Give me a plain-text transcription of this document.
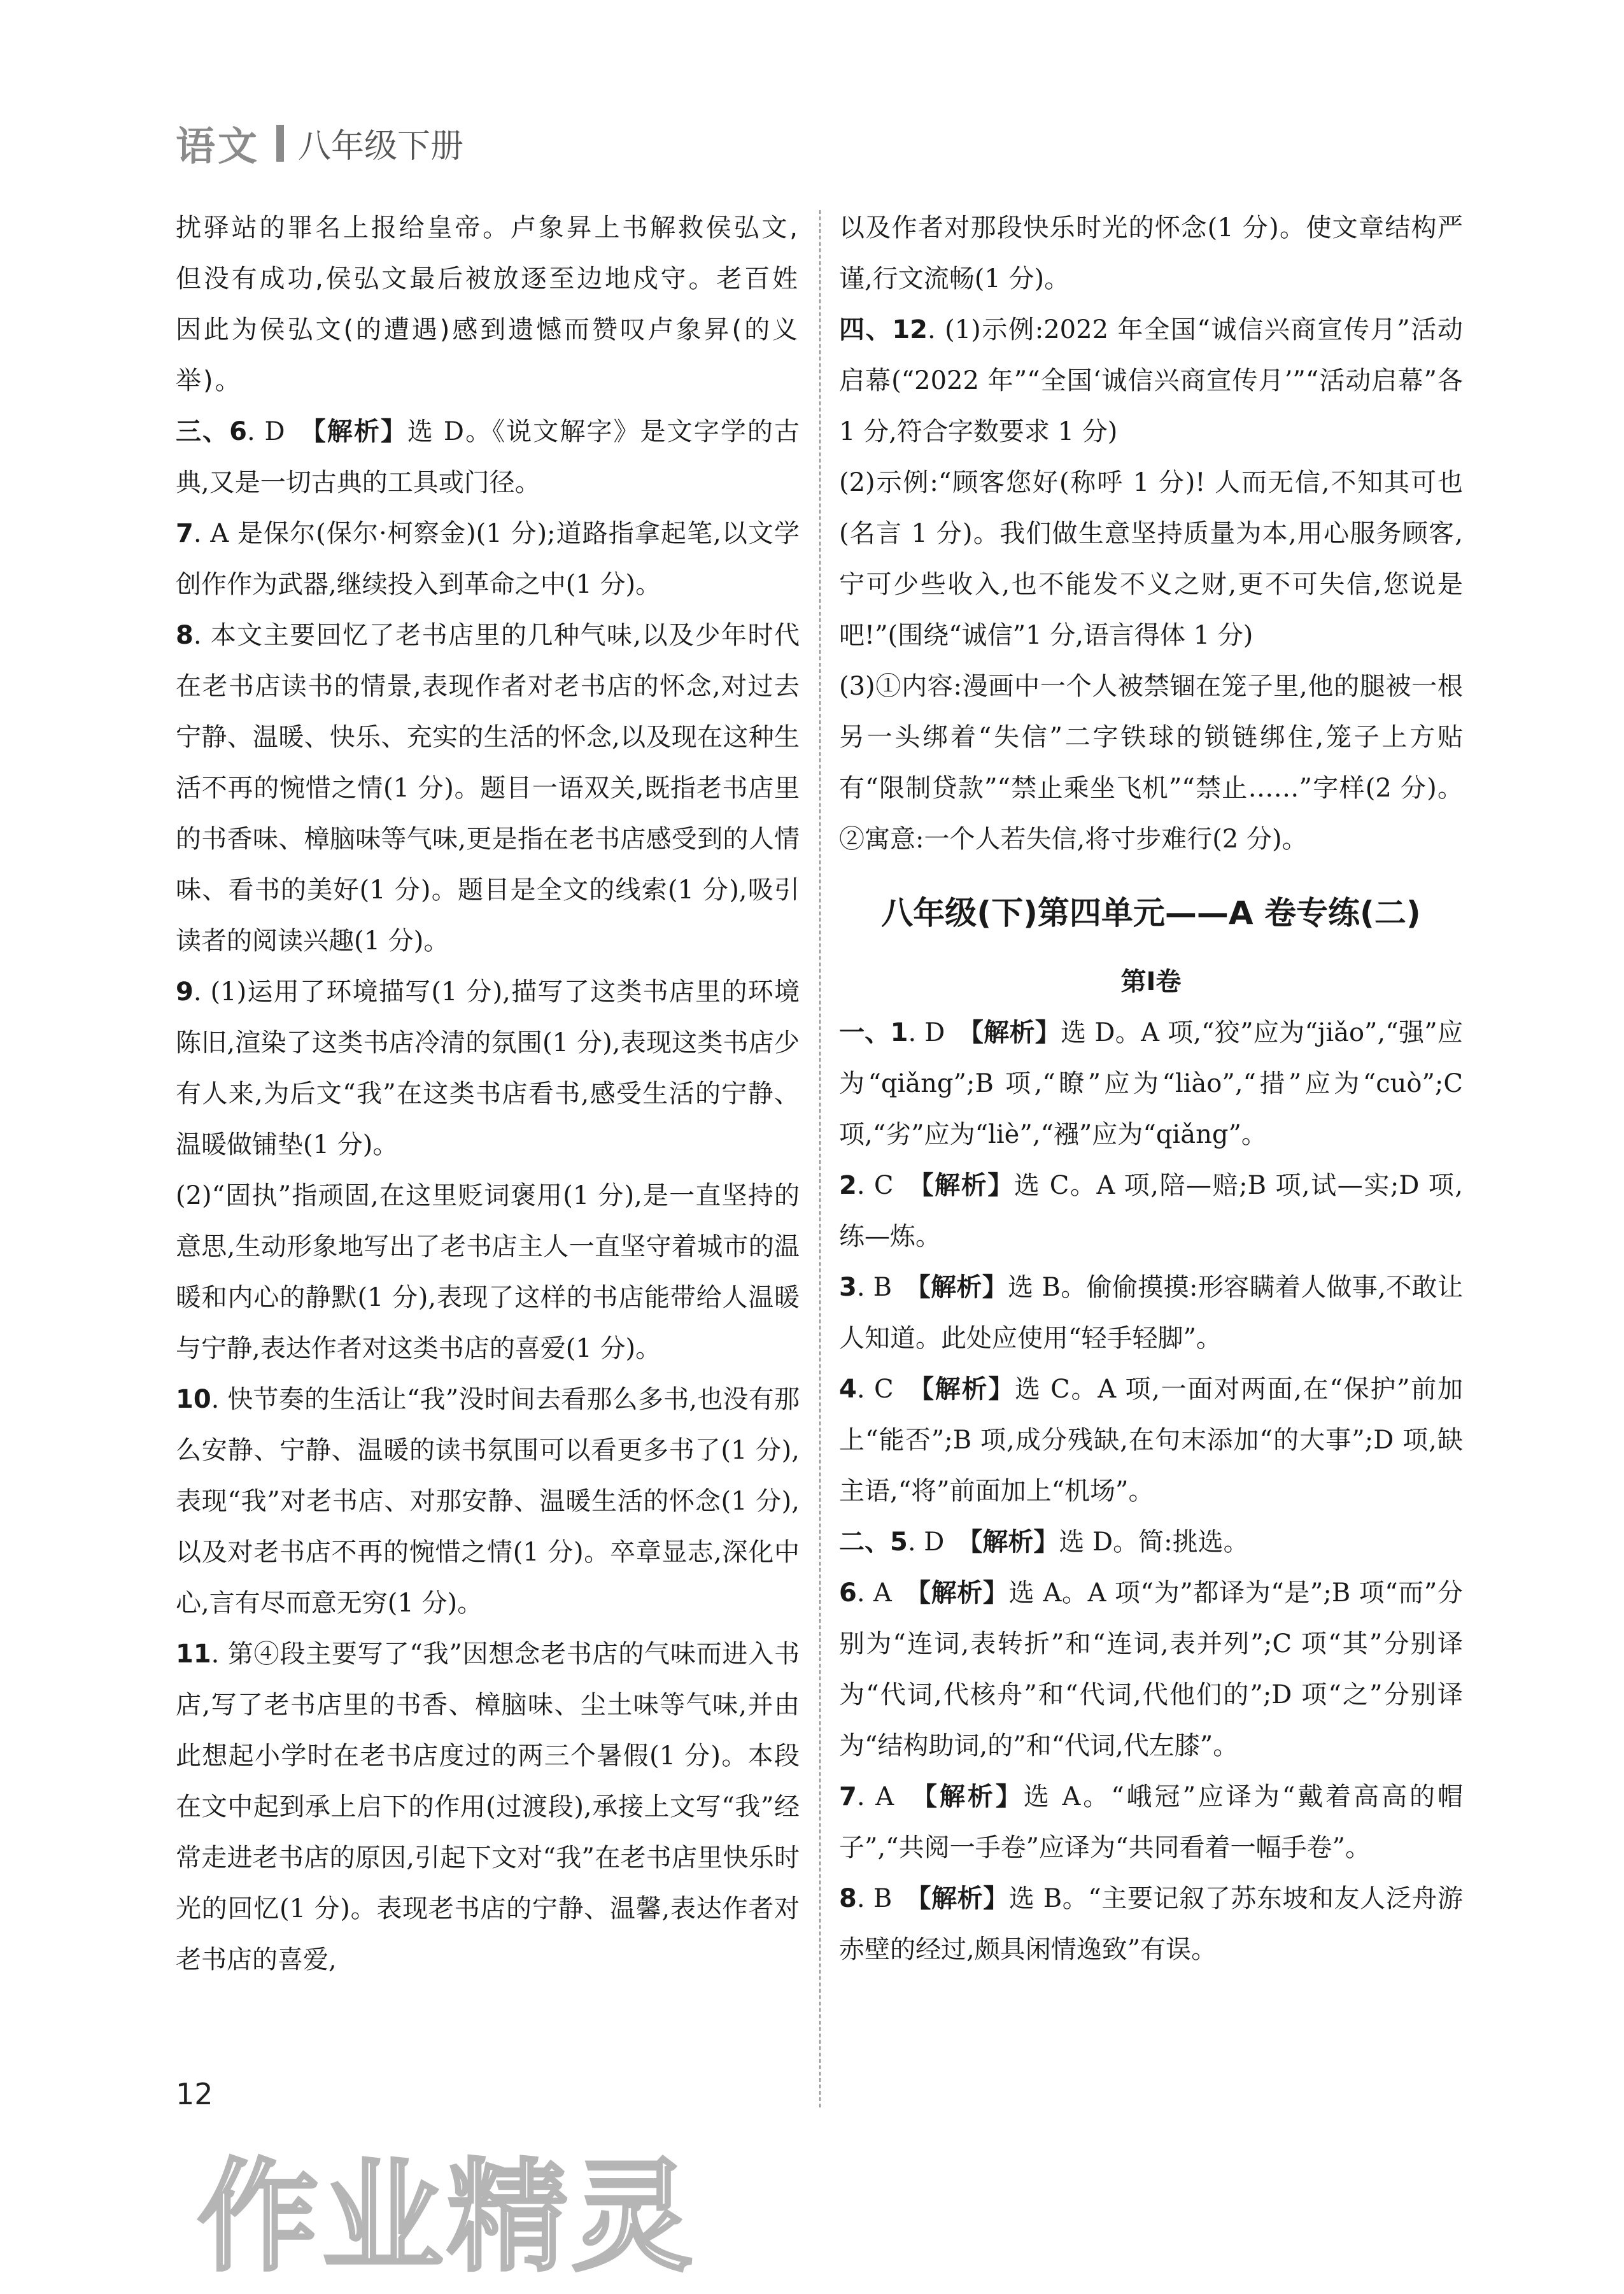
语文 八年级下册

扰驿站的罪名上报给皇帝。卢象昇上书解救侯弘文,但没有成功,侯弘文最后被放逐至边地戍守。老百姓因此为侯弘文(的遭遇)感到遗憾而赞叹卢象昇(的义举)。

三、6. D　【解析】选 D。《说文解字》是文字学的古典,又是一切古典的工具或门径。

7. A 是保尔(保尔·柯察金)(1 分);道路指拿起笔,以文学创作作为武器,继续投入到革命之中(1 分)。

8. 本文主要回忆了老书店里的几种气味,以及少年时代在老书店读书的情景,表现作者对老书店的怀念,对过去宁静、温暖、快乐、充实的生活的怀念,以及现在这种生活不再的惋惜之情(1 分)。题目一语双关,既指老书店里的书香味、樟脑味等气味,更是指在老书店感受到的人情味、看书的美好(1 分)。题目是全文的线索(1 分),吸引读者的阅读兴趣(1 分)。

9. (1)运用了环境描写(1 分),描写了这类书店里的环境陈旧,渲染了这类书店冷清的氛围(1 分),表现这类书店少有人来,为后文“我”在这类书店看书,感受生活的宁静、温暖做铺垫(1 分)。

(2)“固执”指顽固,在这里贬词褒用(1 分),是一直坚持的意思,生动形象地写出了老书店主人一直坚守着城市的温暖和内心的静默(1 分),表现了这样的书店能带给人温暖与宁静,表达作者对这类书店的喜爱(1 分)。

10. 快节奏的生活让“我”没时间去看那么多书,也没有那么安静、宁静、温暖的读书氛围可以看更多书了(1 分),表现“我”对老书店、对那安静、温暖生活的怀念(1 分),以及对老书店不再的惋惜之情(1 分)。卒章显志,深化中心,言有尽而意无穷(1 分)。

11. 第④段主要写了“我”因想念老书店的气味而进入书店,写了老书店里的书香、樟脑味、尘土味等气味,并由此想起小学时在老书店度过的两三个暑假(1 分)。本段在文中起到承上启下的作用(过渡段),承接上文写“我”经常走进老书店的原因,引起下文对“我”在老书店里快乐时光的回忆(1 分)。表现老书店的宁静、温馨,表达作者对老书店的喜爱,

以及作者对那段快乐时光的怀念(1 分)。使文章结构严谨,行文流畅(1 分)。

四、12. (1)示例:2022 年全国“诚信兴商宣传月”活动启幕(“2022 年”“全国‘诚信兴商宣传月’”“活动启幕”各 1 分,符合字数要求 1 分)

(2)示例:“顾客您好(称呼 1 分)! 人而无信,不知其可也(名言 1 分)。我们做生意坚持质量为本,用心服务顾客,宁可少些收入,也不能发不义之财,更不可失信,您说是吧!”(围绕“诚信”1 分,语言得体 1 分)

(3)①内容:漫画中一个人被禁锢在笼子里,他的腿被一根另一头绑着“失信”二字铁球的锁链绑住,笼子上方贴有“限制贷款”“禁止乘坐飞机”“禁止……”字样(2 分)。②寓意:一个人若失信,将寸步难行(2 分)。

八年级(下)第四单元——A 卷专练(二)
第Ⅰ卷

一、1. D　【解析】选 D。A 项,“狡”应为“jiǎo”,“强”应为“qiǎng”;B 项,“瞭”应为“liào”,“措”应为“cuò”;C 项,“劣”应为“liè”,“襁”应为“qiǎng”。

2. C　【解析】选 C。A 项,陪—赔;B 项,试—实;D 项,练—炼。

3. B　【解析】选 B。偷偷摸摸:形容瞒着人做事,不敢让人知道。此处应使用“轻手轻脚”。

4. C　【解析】选 C。A 项,一面对两面,在“保护”前加上“能否”;B 项,成分残缺,在句末添加“的大事”;D 项,缺主语,“将”前面加上“机场”。

二、5. D　【解析】选 D。简:挑选。

6. A　【解析】选 A。A 项“为”都译为“是”;B 项“而”分别为“连词,表转折”和“连词,表并列”;C 项“其”分别译为“代词,代核舟”和“代词,代他们的”;D 项“之”分别译为“结构助词,的”和“代词,代左膝”。

7. A　【解析】选 A。“峨冠”应译为“戴着高高的帽子”,“共阅一手卷”应译为“共同看着一幅手卷”。

8. B　【解析】选 B。“主要记叙了苏东坡和友人泛舟游赤壁的经过,颇具闲情逸致”有误。

12
作业精灵
